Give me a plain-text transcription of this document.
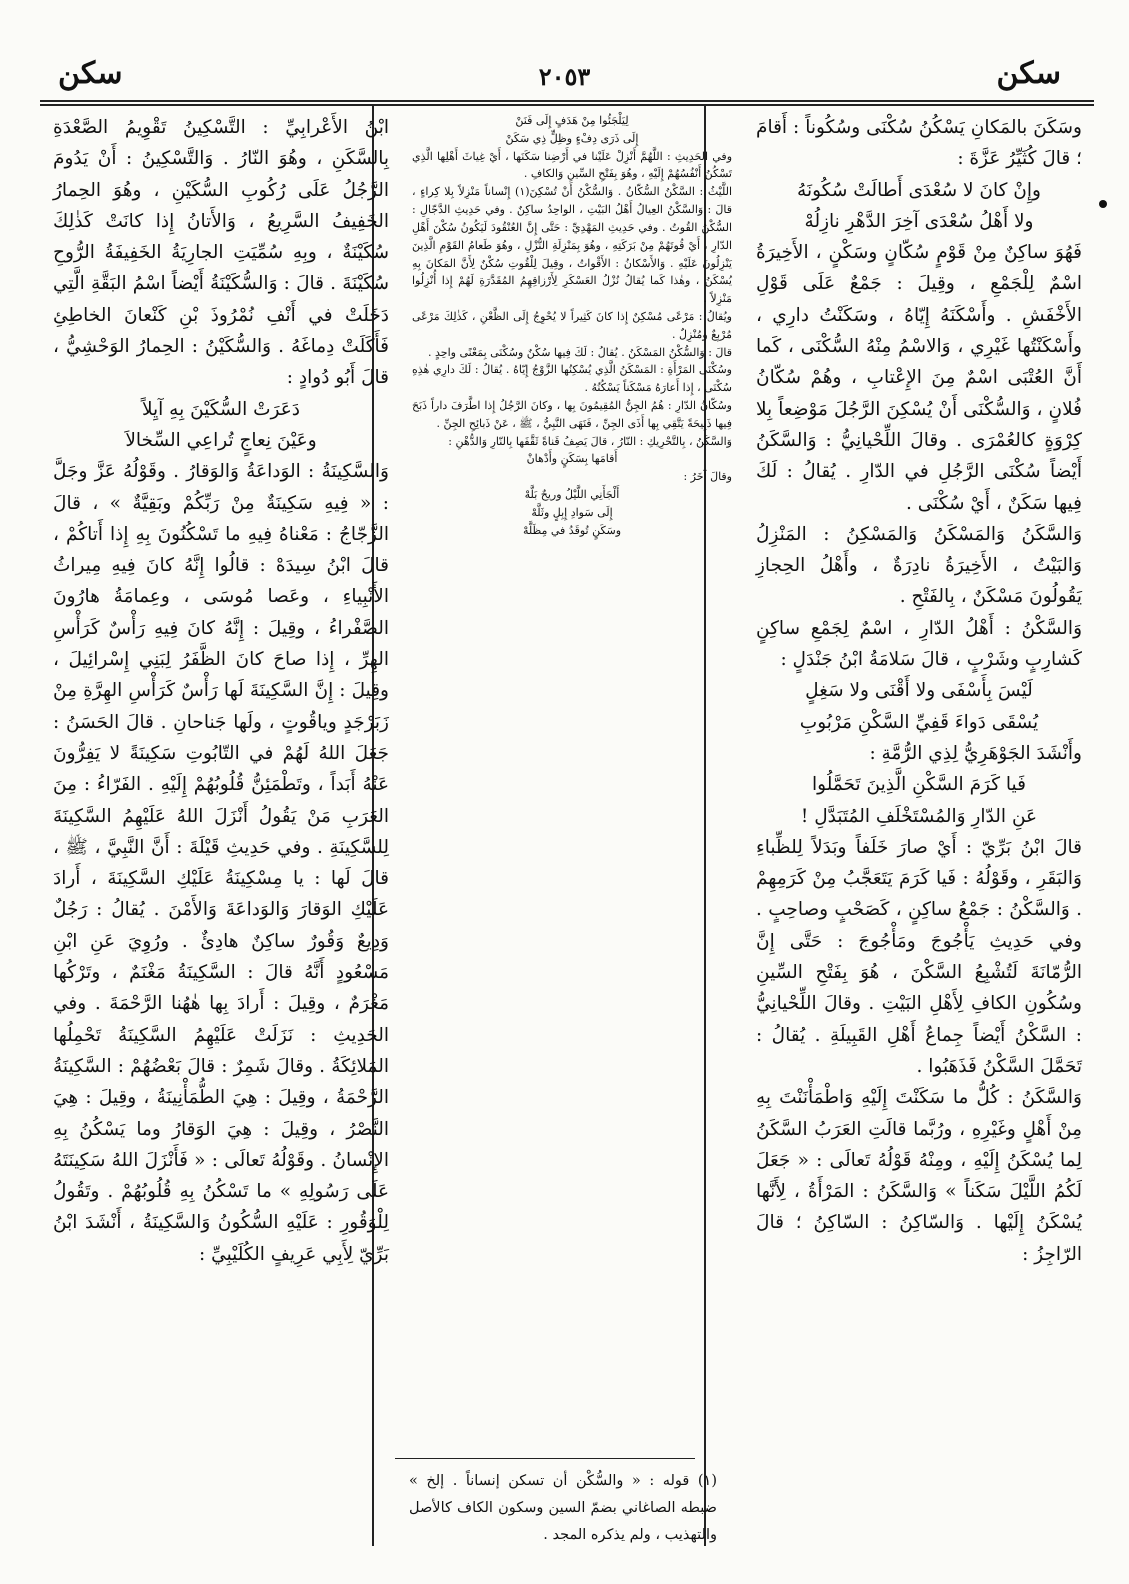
سكن
٢٠٥٣
سكن

وسَكَنَ بالمَكانِ يَسْكُنُ سُكْنَى وسُكُوناً : أَقامَ ؛ قالَ كُثَيِّرُ عَزَّةَ :

وإِنْ كانَ لا سُعْدَى أَطالَتْ سُكُونَهُ

ولا أَهْلُ سُعْدَى آخِرَ الدَّهْرِ نازِلُهْ

فَهُوَ ساكِنٌ مِنْ قَوْمٍ سُكّانٍ وسَكْنٍ ، الأَخِيرَةُ اسْمٌ لِلْجَمْعِ ، وقِيلَ : جَمْعٌ عَلَى قَوْلِ الأَخْفَشِ . وأَسْكَنَهُ إِيّاهُ ، وسَكَنْتُ دارِي ، وأَسْكَنْتُها غَيْرِي ، وَالاسْمُ مِنْهُ السُّكْنَى ، كَما أَنَّ العُتْبَى اسْمٌ مِنَ الإِعْتابِ ، وهُمْ سُكّانُ فُلانٍ ، وَالسُّكْنَى أَنْ يُسْكِنَ الرَّجُلَ مَوْضِعاً بِلا كِرْوَةٍ كالعُمْرَى . وقالَ اللِّحْيانِيُّ : وَالسَّكَنُ أَيْضاً سُكْنَى الرَّجُلِ في الدّارِ . يُقالُ : لَكَ فِيها سَكَنٌ ، أَيْ سُكْنَى .

وَالسَّكَنُ وَالمَسْكَنُ وَالمَسْكِنُ : المَنْزِلُ وَالبَيْتُ ، الأَخِيرَةُ نادِرَةٌ ، وأَهْلُ الحِجازِ يَقُولُونَ مَسْكَنٌ ، بِالفَتْحِ .

وَالسَّكْنُ : أَهْلُ الدّارِ ، اسْمٌ لِجَمْعِ ساكِنٍ كَشارِبٍ وشَرْبٍ ، قالَ سَلامَةُ ابْنُ جَنْدَلٍ :

لَيْسَ بِأَسْفَى ولا أَقْنَى ولا سَغِلٍ

يُسْقَى دَواءَ قَفِيِّ السَّكْنِ مَرْبُوبِ

وأَنْشَدَ الجَوْهَرِيُّ لِذِي الرُّمَّةِ :

فَيا كَرَمَ السَّكْنِ الَّذِينَ تَحَمَّلُوا

عَنِ الدّارِ وَالمُسْتَخْلَفِ المُتَبَدَّلِ !

قالَ ابْنُ بَرِّيّ : أَيْ صارَ خَلَفاً وبَدَلاً لِلظِّباءِ وَالبَقَرِ ، وقَوْلُهُ : فَيا كَرَمَ يَتَعَجَّبُ مِنْ كَرَمِهِمْ . وَالسَّكْنُ : جَمْعُ ساكِنٍ ، كَصَحْبٍ وصاحِبٍ . وفي حَدِيثِ يَأْجُوجَ ومَأْجُوجَ : حَتَّى إِنَّ الرُّمّانَةَ لَتُشْبِعُ السَّكْنَ ، هُوَ بِفَتْحِ السِّينِ وسُكُونِ الكافِ لِأَهْلِ البَيْتِ . وقالَ اللِّحْيانِيُّ : السَّكْنُ أَيْضاً جِماعُ أَهْلِ القَبِيلَةِ . يُقالُ : تَحَمَّلَ السَّكْنُ فَذَهَبُوا .

وَالسَّكَنُ : كُلُّ ما سَكَنْتَ إِلَيْهِ وَاطْمَأْنَنْتَ بِهِ مِنْ أَهْلٍ وغَيْرِهِ ، ورُبَّما قالَتِ العَرَبُ السَّكَنُ لِما يُسْكَنُ إِلَيْهِ ، ومِنْهُ قَوْلُهُ تَعالَى : « جَعَلَ لَكُمُ اللَّيْلَ سَكَناً » وَالسَّكَنُ : المَرْأَةُ ، لِأَنَّها يُسْكَنُ إِلَيْها . وَالسّاكِنُ : السّاكِنُ ؛ قالَ الرّاجِزُ :

لِيَلْجَئُوا مِنْ هَدَفٍ إِلَى فَنَنْ

إِلَى ذَرَى دِفْءٍ وظِلٍّ ذِي سَكَنْ

وفي الحَدِيثِ : اللَّهُمَّ أَنْزِلْ عَلَيْنا في أَرْضِنا سَكَنَها ، أَيْ غِياثَ أَهْلِها الَّذِي تَسْكُنُ أَنْفُسُهُمْ إِلَيْهِ ، وهُوَ بِفَتْحِ السِّينِ وَالكافِ .

اللَّيْثُ : السَّكْنُ السُّكّانُ . وَالسُّكْنُ أَنْ تُسْكِنَ(١) إِنْساناً مَنْزِلاً بِلا كِراءٍ ، قالَ : وَالسَّكْنُ العِيالُ أَهْلُ البَيْتِ ، الواحِدُ ساكِنٌ . وفي حَدِيثِ الدَّجّالِ : السُّكْنُ القُوتُ . وفي حَدِيثِ المَهْدِيِّ : حَتَّى إِنَّ العُنْقُودَ لَيَكُونُ سُكْنَ أَهْلِ الدّارِ ، أَيْ قُوتَهُمْ مِنْ بَرَكَتِهِ ، وهُوَ بِمَنْزِلَةِ النُّزْلِ ، وهُوَ طَعامُ القَوْمِ الَّذِينَ يَنْزِلُونَ عَلَيْهِ . وَالأَسْكانُ : الأَقْواتُ ، وقِيلَ لِلْقُوتِ سُكْنٌ لِأَنَّ المَكانَ بِهِ يُسْكَنُ ، وهٰذا كَما يُقالُ نُزْلُ العَسْكَرِ لِأَرْزاقِهِمُ المُقَدَّرَةِ لَهُمْ إِذا أُنْزِلُوا مَنْزِلاً .

ويُقالُ : مَرْعًى مُسْكِنٌ إِذا كانَ كَثِيراً لا يُحْوِجُ إِلَى الظَّعْنِ ، كَذٰلِكَ مَرْعًى مُرْبِعٌ ومُنْزِلٌ .

قالَ : وَالسُّكْنُ المَسْكَنُ . يُقالُ : لَكَ فِيها سُكْنٌ وسُكْنَى بِمَعْنًى واحِدٍ .

وسُكْنَى المَرْأَةِ : المَسْكَنُ الَّذِي يُسْكِنُها الزَّوْجُ إِيّاهُ . يُقالُ : لَكَ دارِي هٰذِهِ سُكْنَى ، إِذا أَعارَهُ مَسْكَناً يَسْكُنُهُ .

وسُكّانُ الدّارِ : هُمُ الجِنُّ المُقِيمُونَ بِها ، وكانَ الرَّجُلُ إِذا اطَّرَفَ داراً ذَبَحَ فِيها ذَبِيحَةً يَتَّقِي بِها أَذَى الجِنِّ ، فَنَهَى النَّبِيُّ ، ﷺ ، عَنْ ذَبائِحِ الجِنِّ .

وَالسَّكَنُ ، بِالتَّحْرِيكِ : النّارُ ، قالَ يَصِفُ قَناةً ثَقَّفَها بِالنّارِ وَالدُّهْنِ :

أَقامَها بِسَكَنٍ وأَدْهانْ

وقالَ آخَرُ :

أَلْجَأَنِي اللَّيْلُ وريحٌ بَلَّهْ

إِلَى سَوادِ إِبِلٍ وثَلَّهْ

وسَكَنٍ تُوقَدُ في مِظَلَّهْ

(١) قوله : « والسُّكْن أن تسكن إنساناً . إلخ » ضبطه الصاغاني بضمّ السين وسكون الكاف كالأصل والتهذيب ، ولم يذكره المجد .

ابْنُ الأَعْرابِيِّ : التَّسْكِينُ تَقْوِيمُ الصَّعْدَةِ بِالسَّكَنِ ، وهُوَ النّارُ . وَالتَّسْكِينُ : أَنْ يَدُومَ الرَّجُلُ عَلَى رُكُوبِ السُّكَيْنِ ، وهُوَ الحِمارُ الخَفِيفُ السَّرِيعُ ، وَالأَتانُ إِذا كانَتْ كَذٰلِكَ سُكَيْنَةٌ ، وبِهِ سُمِّيَتِ الجارِيَةُ الخَفِيفَةُ الرُّوحِ سُكَيْنَةَ . قالَ : وَالسُّكَيْنَةُ أَيْضاً اسْمُ البَقَّةِ الَّتِي دَخَلَتْ في أَنْفِ نُمْرُوذَ بْنِ كَنْعانَ الخاطِئِ فَأَكَلَتْ دِماغَهُ . وَالسُّكَيْنُ : الحِمارُ الوَحْشِيُّ ، قالَ أَبُو دُوادٍ :

دَعَرَتْ السُّكَيْنَ بِهِ آيِلاً

وعَيْنَ نِعاجٍ تُراعِي السِّخالاَ

وَالسَّكِينَةُ : الوَداعَةُ وَالوَقارُ . وقَوْلُهُ عَزَّ وجَلَّ : « فِيهِ سَكِينَةٌ مِنْ رَبِّكُمْ وبَقِيَّةٌ » ، قالَ الزَّجّاجُ : مَعْناهُ فِيهِ ما تَسْكُنُونَ بِهِ إِذا أَتاكُمْ ، قالَ ابْنُ سِيدَهْ : قالُوا إِنَّهُ كانَ فِيهِ مِيراثُ الأَنْبِياءِ ، وعَصا مُوسَى ، وعِمامَةُ هارُونَ الصَّفْراءُ ، وقِيلَ : إِنَّهُ كانَ فِيهِ رَأْسٌ كَرَأْسِ الهِرِّ ، إِذا صاحَ كانَ الظَّفَرُ لِبَنِي إِسْرائِيلَ ، وقِيلَ : إِنَّ السَّكِينَةَ لَها رَأْسٌ كَرَأْسِ الهِرَّةِ مِنْ زَبَرْجَدٍ وياقُوتٍ ، ولَها جَناحانِ . قالَ الحَسَنُ : جَعَلَ اللهُ لَهُمْ في التّابُوتِ سَكِينَةً لا يَفِرُّونَ عَنْهُ أَبَداً ، وتَطْمَئِنُّ قُلُوبُهُمْ إِلَيْهِ . الفَرّاءُ : مِنَ العَرَبِ مَنْ يَقُولُ أَنْزَلَ اللهُ عَلَيْهِمُ السَّكِينَةَ لِلسَّكِينَةِ . وفي حَدِيثِ قَيْلَةَ : أَنَّ النَّبِيَّ ، ﷺ ، قالَ لَها : يا مِسْكِينَةُ عَلَيْكِ السَّكِينَةَ ، أَرادَ عَلَيْكِ الوَقارَ وَالوَداعَةَ وَالأَمْنَ . يُقالُ : رَجُلٌ وَدِيعٌ وَقُورٌ ساكِنٌ هادِئٌ . ورُوِيَ عَنِ ابْنِ مَسْعُودٍ أَنَّهُ قالَ : السَّكِينَةُ مَغْنَمٌ ، وتَرْكُها مَغْرَمٌ ، وقِيلَ : أَرادَ بِها هٰهُنا الرَّحْمَةَ . وفي الحَدِيثِ : نَزَلَتْ عَلَيْهِمُ السَّكِينَةُ تَحْمِلُها المَلائِكَةُ . وقالَ شَمِرٌ : قالَ بَعْضُهُمْ : السَّكِينَةُ الرَّحْمَةُ ، وقِيلَ : هِيَ الطُّمَأْنِينَةُ ، وقِيلَ : هِيَ النَّصْرُ ، وقِيلَ : هِيَ الوَقارُ وما يَسْكُنُ بِهِ الإِنْسانُ . وقَوْلُهُ تَعالَى : « فَأَنْزَلَ اللهُ سَكِينَتَهُ عَلَى رَسُولِهِ » ما تَسْكُنُ بِهِ قُلُوبُهُمْ . وتَقُولُ لِلْوَقُورِ : عَلَيْهِ السُّكُونُ وَالسَّكِينَةُ ، أَنْشَدَ ابْنُ بَرِّيّ لِأَبِي عَرِيفٍ الكُلَيْبِيِّ :
